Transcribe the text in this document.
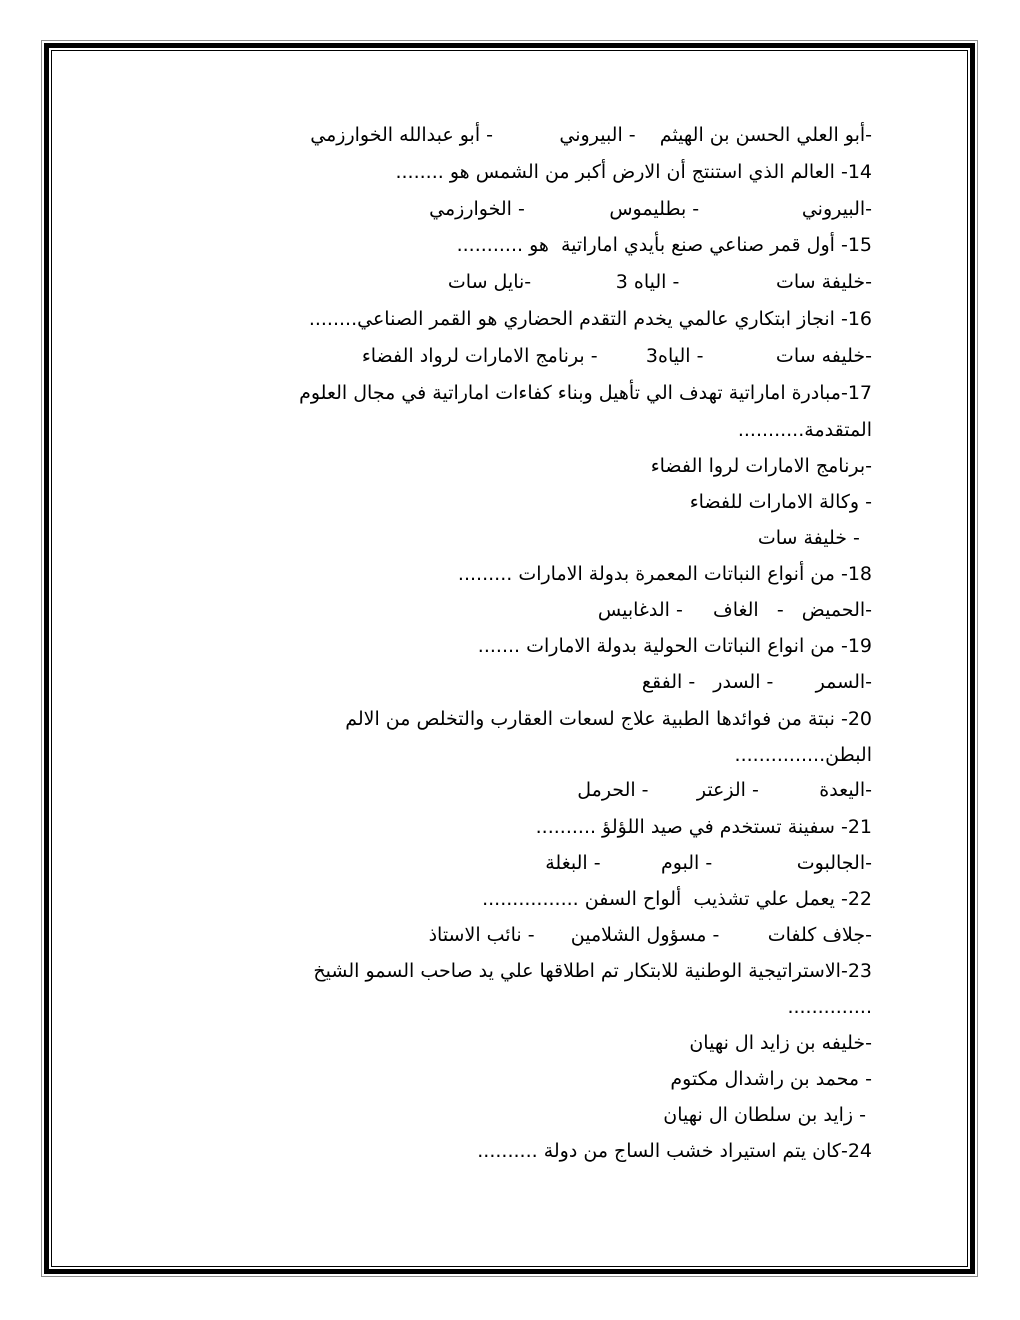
-أبو العلي الحسن بن الهيثم    - البيروني           - أبو عبدالله الخوارزمي
14- العالم الذي استنتج أن الارض أكبر من الشمس هو ........
-البيروني                 - بطليموس              - الخوارزمي
15- أول قمر صناعي صنع بأيدي اماراتية  هو ...........
-خليفة سات                - الياه 3              -نايل سات
16- انجاز ابتكاري عالمي يخدم التقدم الحضاري هو القمر الصناعي........
-خليفه سات            - الياه3        - برنامج الامارات لرواد الفضاء
17-مبادرة اماراتية تهدف الي تأهيل وبناء كفاءات اماراتية في مجال العلوم
المتقدمة...........
-برنامج الامارات لروا الفضاء
- وكالة الامارات للفضاء
- خليفة سات
18- من أنواع النباتات المعمرة بدولة الامارات .........
-الحميض   -   الغاف     - الدغابيس
19- من انواع النباتات الحولية بدولة الامارات .......
-السمر       - السدر   - الفقع
20- نبتة من فوائدها الطبية علاج لسعات العقارب والتخلص من الالم
البطن...............
-اليعدة          - الزعتر        - الحرمل
21- سفينة تستخدم في صيد اللؤلؤ ..........
-الجالبوت              - البوم          - البغلة
22- يعمل علي تشذيب  ألواح السفن ................
-جلاف كلفات        - مسؤول الشلامين      - نائب الاستاذ
23-الاستراتيجية الوطنية للابتكار تم اطلاقها علي يد صاحب السمو الشيخ
..............
-خليفه بن زايد ال نهيان
- محمد بن راشدال مكتوم
- زايد بن سلطان ال نهيان
24-كان يتم استيراد خشب الساج من دولة ..........
